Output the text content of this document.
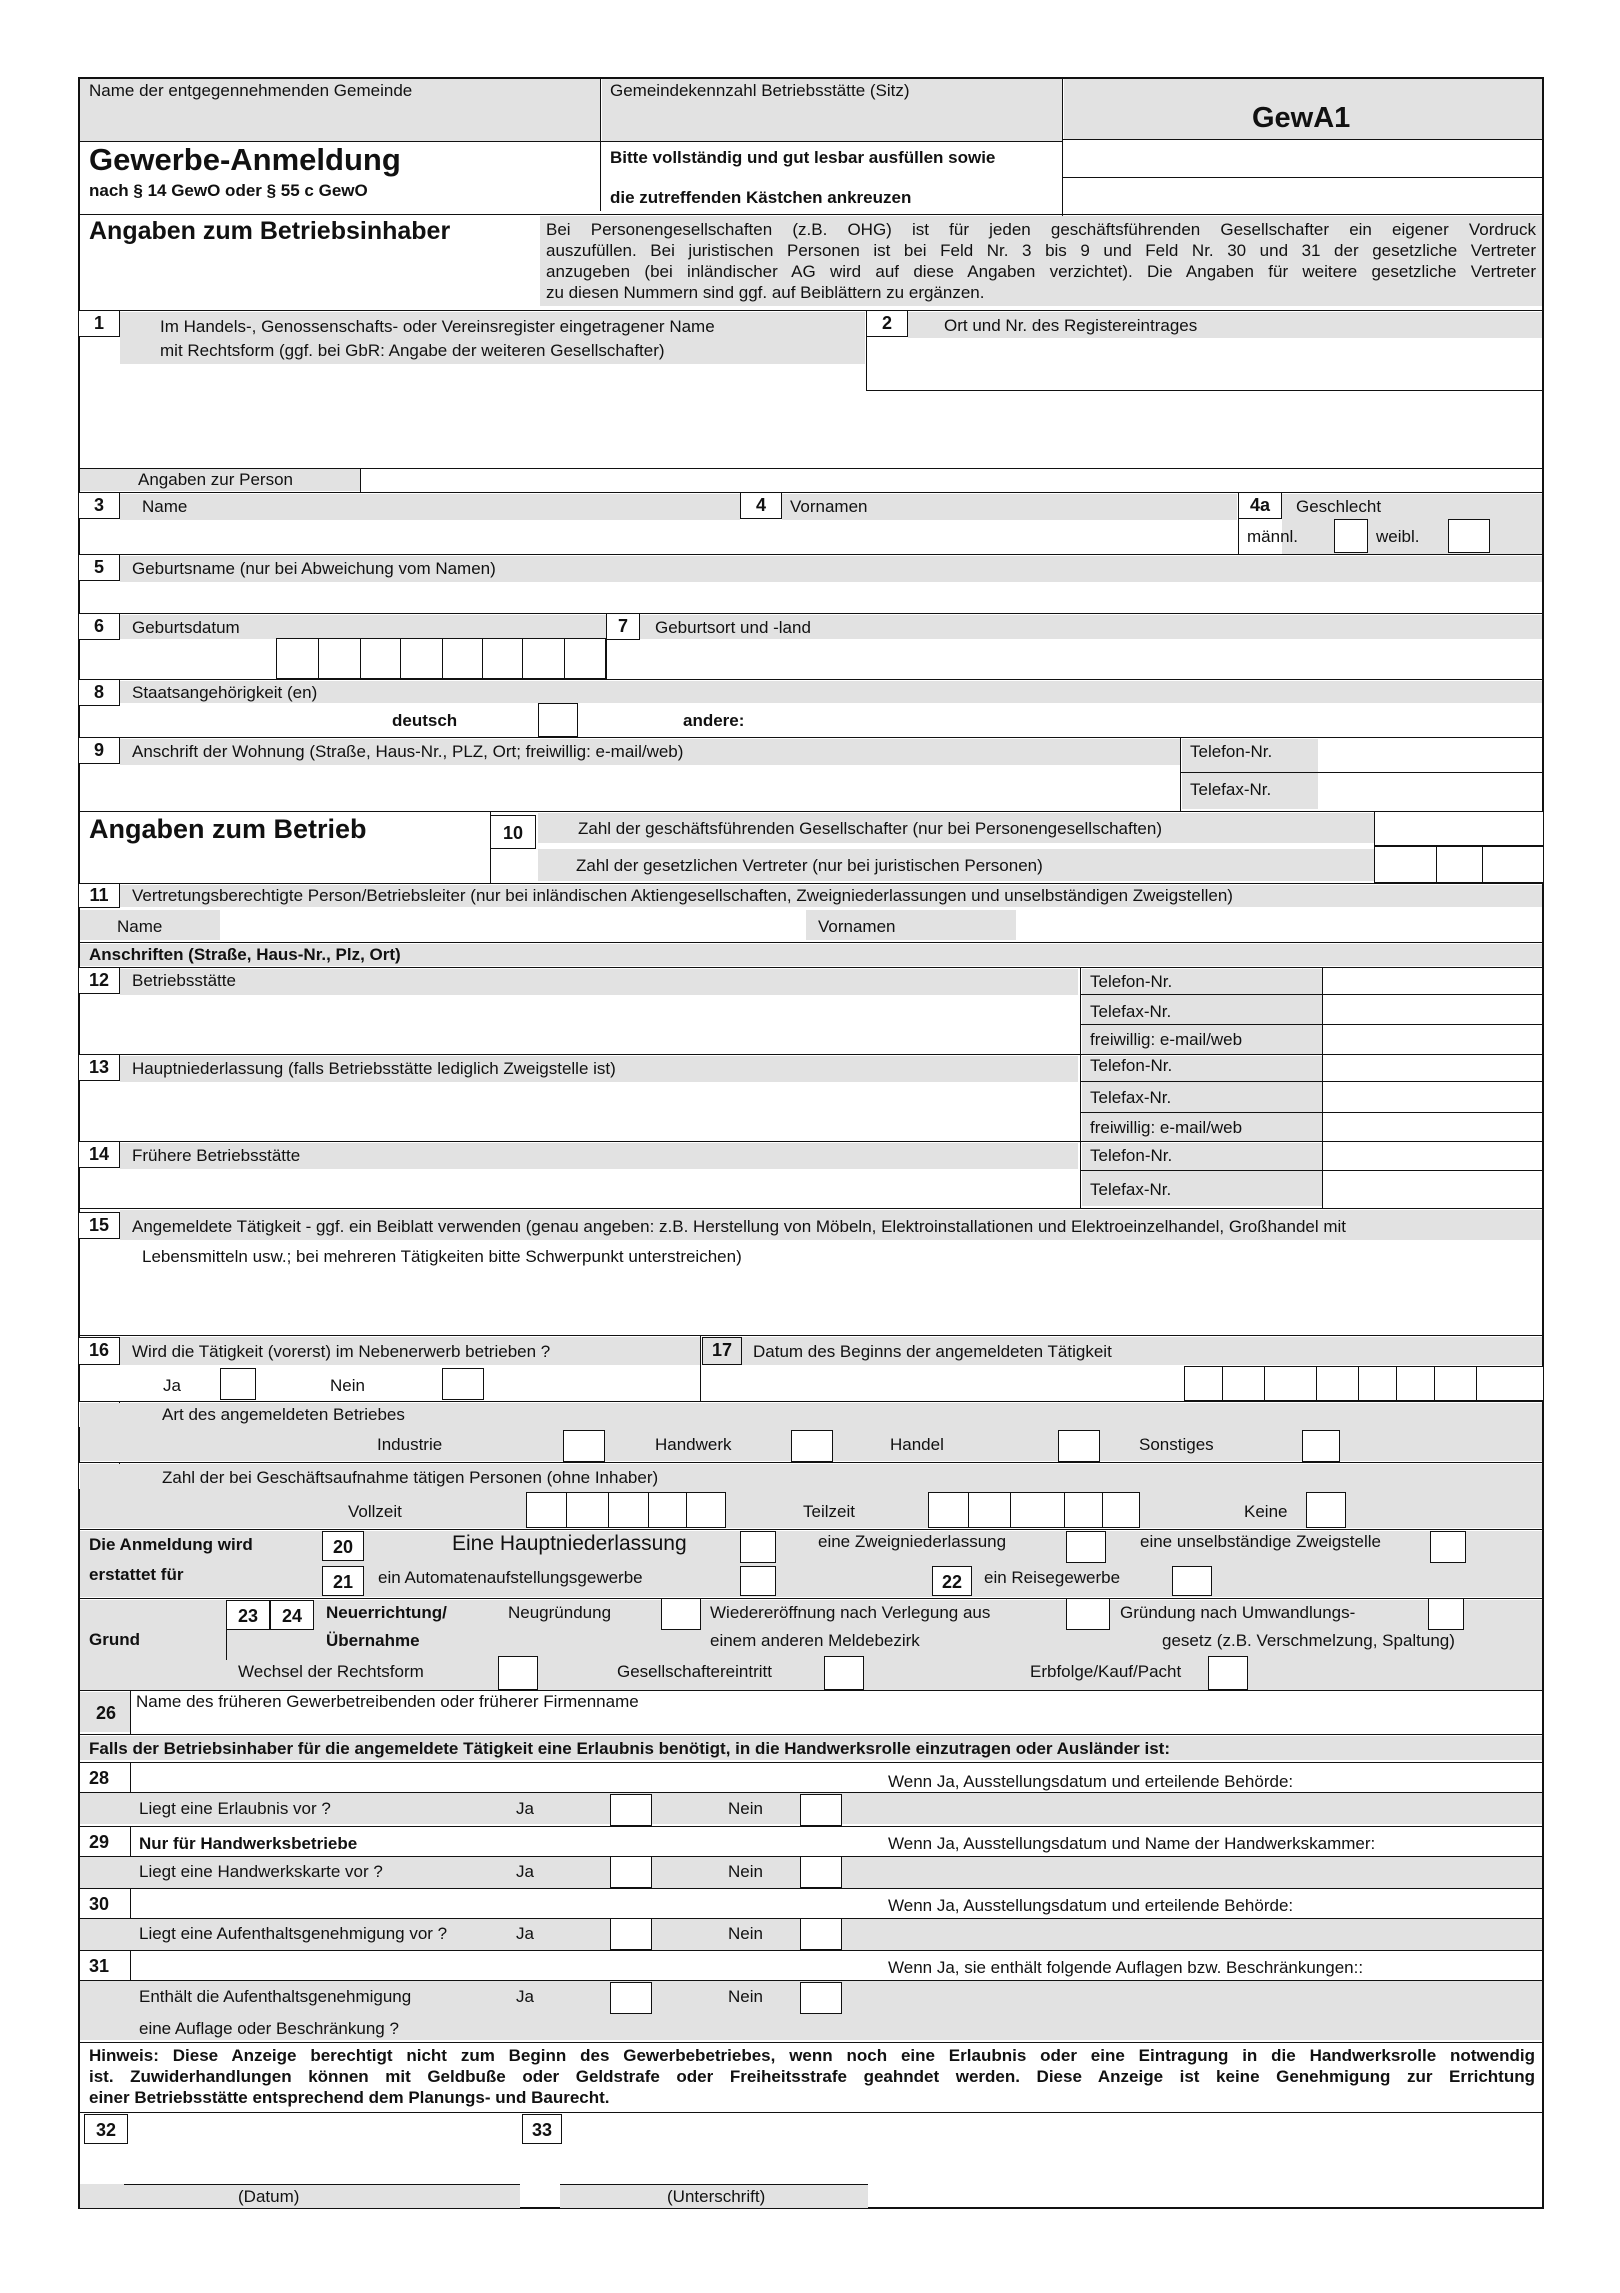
Name der entgegennehmenden Gemeinde	Gemeindekennzahl Betriebsstätte (Sitz)
GewA1
Gewerbe-Anmeldung
nach § 14 GewO oder § 55 c GewO
Bitte vollständig und gut lesbar ausfüllen sowie
die zutreffenden Kästchen ankreuzen
Angaben zum Betriebsinhaber	Bei Personengesellschaften (z.B. OHG) ist für jeden geschäftsführenden Gesellschafter ein eigener Vordruck
auszufüllen. Bei juristischen Personen ist bei Feld Nr. 3 bis 9 und Feld Nr. 30 und 31 der gesetzliche Vertreter
anzugeben (bei inländischer AG wird auf diese Angaben verzichtet). Die Angaben für weitere gesetzliche Vertreter
zu diesen Nummern sind ggf. auf Beiblättern zu ergänzen.
1	Im Handels-, Genossenschafts- oder Vereinsregister eingetragener Name
mit Rechtsform (ggf. bei GbR: Angabe der weiteren Gesellschafter)
2	Ort und Nr. des Registereintrages
Angaben zur Person
3	Name	4	Vornamen	4a	Geschlecht
männl.	weibl.
5	Geburtsname (nur bei Abweichung vom Namen)
6	Geburtsdatum	7	Geburtsort und -land
8	Staatsangehörigkeit (en)
deutsch	andere:
9	Anschrift der Wohnung (Straße, Haus-Nr., PLZ, Ort; freiwillig: e-mail/web)	Telefon-Nr.
Telefax-Nr.
Angaben zum Betrieb	10	Zahl der geschäftsführenden Gesellschafter (nur bei Personengesellschaften)
Zahl der gesetzlichen Vertreter (nur bei juristischen Personen)
11	Vertretungsberechtigte Person/Betriebsleiter (nur bei inländischen Aktiengesellschaften, Zweigniederlassungen und unselbständigen Zweigstellen)
Name	Vornamen
Anschriften (Straße, Haus-Nr., Plz, Ort)
12	Betriebsstätte	Telefon-Nr.
Telefax-Nr.
freiwillig: e-mail/web
13	Hauptniederlassung (falls Betriebsstätte lediglich Zweigstelle ist)	Telefon-Nr.
Telefax-Nr.
freiwillig: e-mail/web
14	Frühere Betriebsstätte	Telefon-Nr.
Telefax-Nr.
15	Angemeldete Tätigkeit - ggf. ein Beiblatt verwenden (genau angeben: z.B. Herstellung von Möbeln, Elektroinstallationen und Elektroeinzelhandel, Großhandel mit
Lebensmitteln usw.; bei mehreren Tätigkeiten bitte Schwerpunkt unterstreichen)
16	Wird die Tätigkeit (vorerst) im Nebenerwerb betrieben ?
Ja	Nein
17	Datum des Beginns der angemeldeten Tätigkeit
Art des angemeldeten Betriebes
Industrie	Handwerk	Handel	Sonstiges
Zahl der bei Geschäftsaufnahme tätigen Personen (ohne Inhaber)
Vollzeit	Teilzeit	Keine
Die Anmeldung wird
erstattet für
20	Eine Hauptniederlassung	eine Zweigniederlassung	eine unselbständige Zweigstelle
21	ein Automatenaufstellungsgewerbe	22	ein Reisegewerbe
Grund
23	24	Neuerrichtung/
Übernahme
Neugründung	Wiedereröffnung nach Verlegung aus
einem anderen Meldebezirk
Gründung nach Umwandlungs-
gesetz (z.B. Verschmelzung, Spaltung)
Wechsel der Rechtsform	Gesellschaftereintritt	Erbfolge/Kauf/Pacht
26
Name des früheren Gewerbetreibenden oder früherer Firmenname
Falls der Betriebsinhaber für die angemeldete Tätigkeit eine Erlaubnis benötigt, in die Handwerksrolle einzutragen oder Ausländer ist:
28	Wenn Ja, Ausstellungsdatum und erteilende Behörde:
Liegt eine Erlaubnis vor ?	Ja	Nein
29	Nur für Handwerksbetriebe	Wenn Ja, Ausstellungsdatum und Name der Handwerkskammer:
Liegt eine Handwerkskarte vor ?	Ja	Nein
30	Wenn Ja, Ausstellungsdatum und erteilende Behörde:
Liegt eine Aufenthaltsgenehmigung vor ?	Ja	Nein
31	Wenn Ja, sie enthält folgende Auflagen bzw. Beschränkungen::
Enthält die Aufenthaltsgenehmigung
eine Auflage oder Beschränkung ?
Ja	Nein
Hinweis: Diese Anzeige berechtigt nicht zum Beginn des Gewerbebetriebes, wenn noch eine Erlaubnis oder eine Eintragung in die Handwerksrolle notwendig
ist. Zuwiderhandlungen können mit Geldbuße oder Geldstrafe oder Freiheitsstrafe geahndet werden. Diese Anzeige ist keine Genehmigung zur Errichtung
einer Betriebsstätte entsprechend dem Planungs- und Baurecht.
32	33
(Datum)	(Unterschrift)
